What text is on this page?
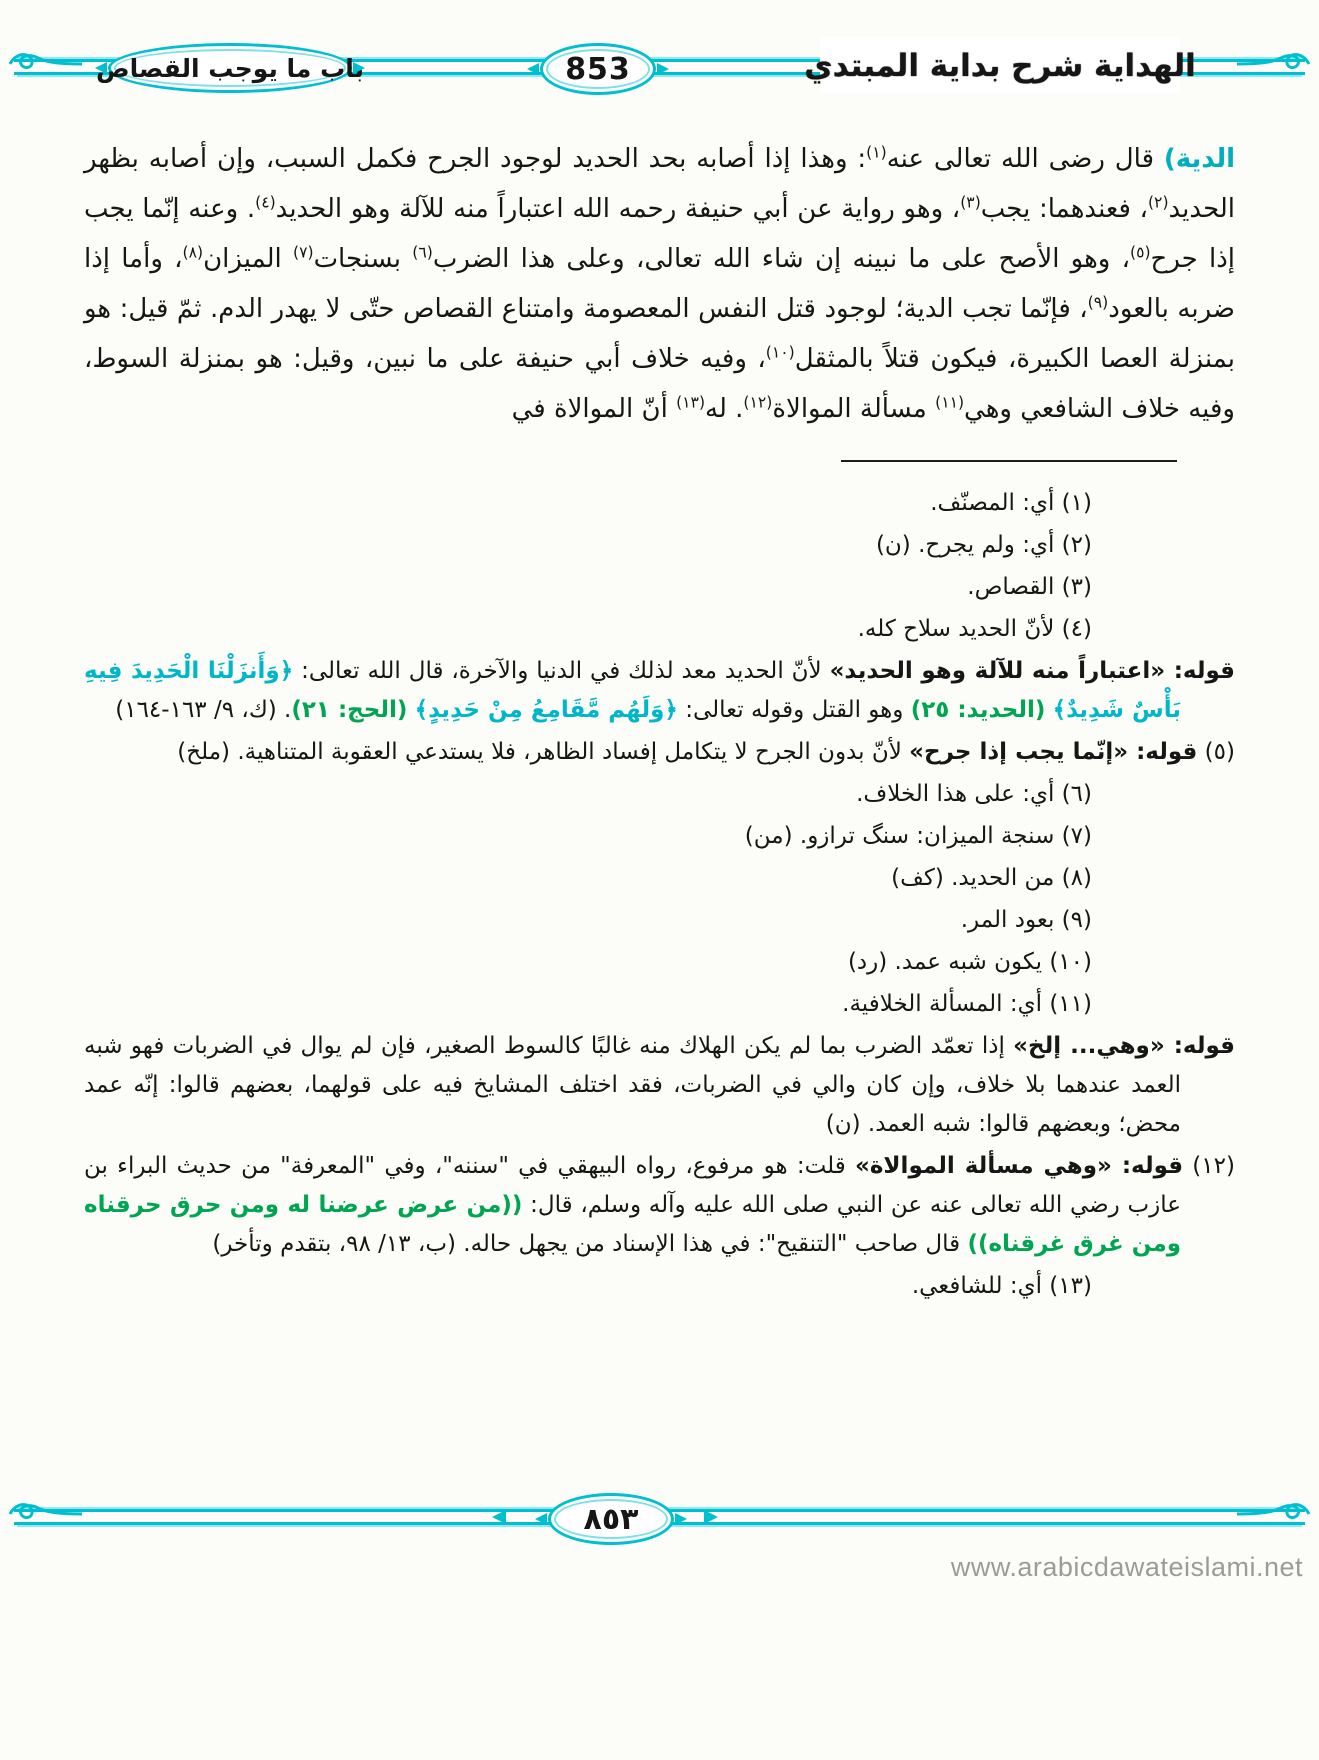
باب ما يوجب القصاص	853	الهداية شرح بداية المبتدي

الدية) قال رضى الله تعالى عنه$^{(١)}$: وهذا إذا أصابه بحد الحديد لوجود الجرح فكمل السبب، وإن أصابه بظهر الحديد$^{(٢)}$، فعندهما: يجب$^{(٣)}$، وهو رواية عن أبي حنيفة رحمه الله اعتباراً منه للآلة وهو الحديد$^{(٤)}$. وعنه إنّما يجب إذا جرح$^{(٥)}$، وهو الأصح على ما نبينه إن شاء الله تعالى، وعلى هذا الضرب$^{(٦)}$ بسنجات$^{(٧)}$ الميزان$^{(٨)}$، وأما إذا ضربه بالعود$^{(٩)}$، فإنّما تجب الدية؛ لوجود قتل النفس المعصومة وامتناع القصاص حتّى لا يهدر الدم. ثمّ قيل: هو بمنزلة العصا الكبيرة، فيكون قتلاً بالمثقل$^{(١٠)}$، وفيه خلاف أبي حنيفة على ما نبين، وقيل: هو بمنزلة السوط، وفيه خلاف الشافعي وهي$^{(١١)}$ مسألة الموالاة$^{(١٢)}$. له$^{(١٣)}$ أنّ الموالاة في

(١) أي: المصنّف.

(٢) أي: ولم يجرح. (ن)

(٣) القصاص.

(٤) لأنّ الحديد سلاح كله.

قوله: «اعتباراً منه للآلة وهو الحديد» لأنّ الحديد معد لذلك في الدنيا والآخرة، قال الله تعالى: ﴿وَأَنزَلْنَا الْحَدِيدَ فِيهِ بَأْسٌ شَدِيدٌ﴾ (الحديد: ٢٥) وهو القتل وقوله تعالى: ﴿وَلَهُم مَّقَامِعُ مِنْ حَدِيدٍ﴾ (الحج: ٢١). (ك، ٩/ ١٦٣-١٦٤)

(٥) قوله: «إنّما يجب إذا جرح» لأنّ بدون الجرح لا يتكامل إفساد الظاهر، فلا يستدعي العقوبة المتناهية. (ملخ)

(٦) أي: على هذا الخلاف.

(٧) سنجة الميزان: سنگ ترازو. (من)

(٨) من الحديد. (كف)

(٩) بعود المر.

(١٠) يكون شبه عمد. (رد)

(١١) أي: المسألة الخلافية.

قوله: «وهي... إلخ» إذا تعمّد الضرب بما لم يكن الهلاك منه غالبًا كالسوط الصغير، فإن لم يوال في الضربات فهو شبه العمد عندهما بلا خلاف، وإن كان والي في الضربات، فقد اختلف المشايخ فيه على قولهما، بعضهم قالوا: إنّه عمد محض؛ وبعضهم قالوا: شبه العمد. (ن)

(١٢) قوله: «وهي مسألة الموالاة» قلت: هو مرفوع، رواه البيهقي في "سننه"، وفي "المعرفة" من حديث البراء بن عازب رضي الله تعالى عنه عن النبي صلى الله عليه وآله وسلم، قال: ((من عرض عرضنا له ومن حرق حرقناه ومن غرق غرقناه)) قال صاحب "التنقيح": في هذا الإسناد من يجهل حاله. (ب، ١٣/ ٩٨، بتقدم وتأخر)

(١٣) أي: للشافعي.

٨٥٣
www.arabicdawateislami.net
